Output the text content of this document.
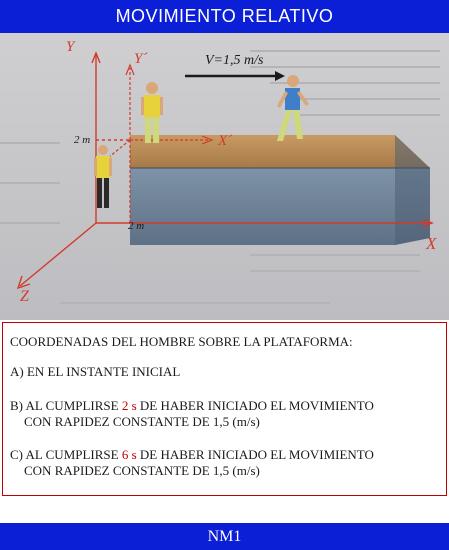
MOVIMIENTO RELATIVO
Y
Y´
X´
X
Z
V=1,5 m/s
2 m
2 m

COORDENADAS DEL HOMBRE SOBRE LA PLATAFORMA:

A) EN EL INSTANTE INICIAL

B) AL CUMPLIRSE 2 s DE HABER INICIADO EL MOVIMIENTO

CON RAPIDEZ CONSTANTE DE 1,5 (m/s)

C) AL CUMPLIRSE 6 s DE HABER INICIADO EL MOVIMIENTO

CON RAPIDEZ CONSTANTE DE 1,5 (m/s)

NM1
